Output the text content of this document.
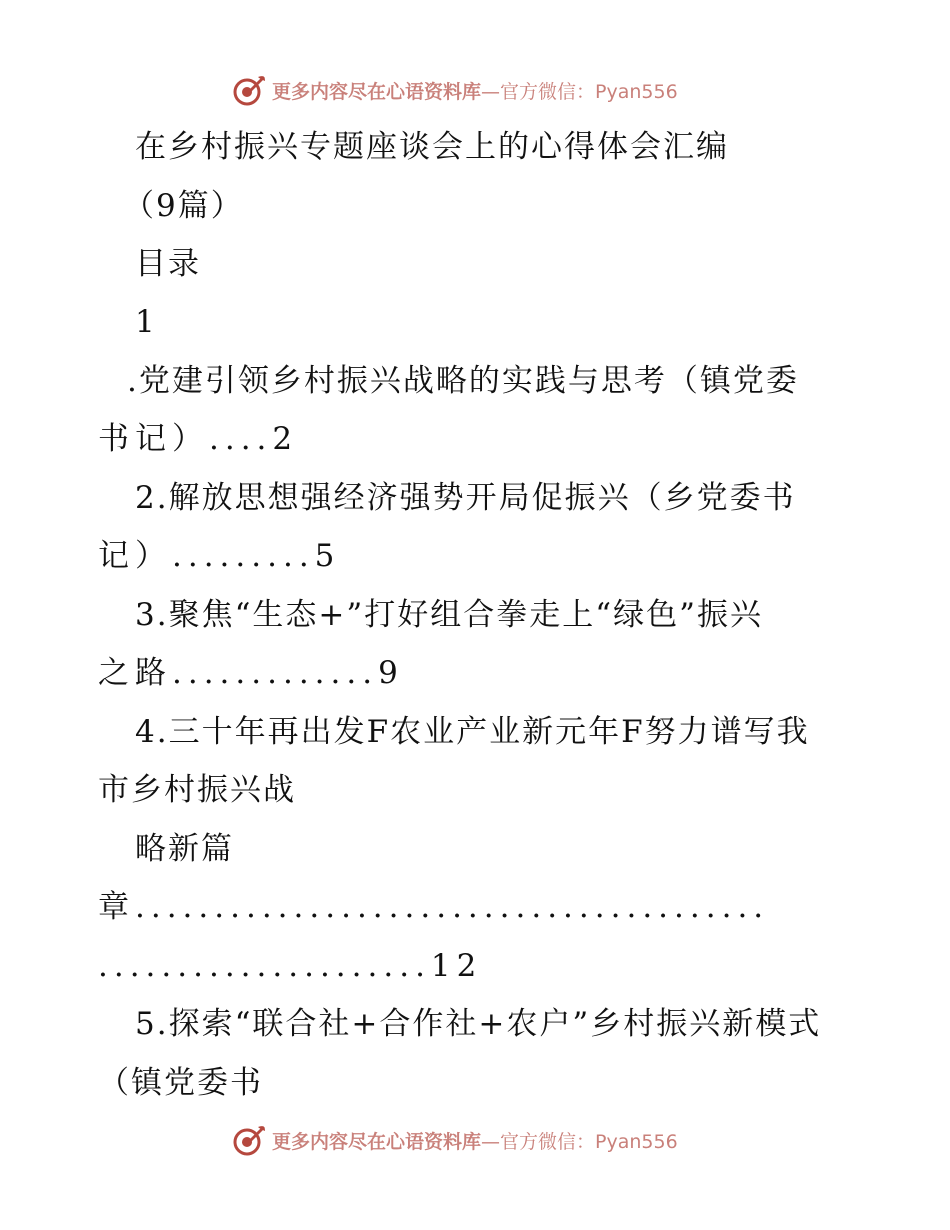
更多内容尽在心语资料库 —官方微信：Pyan556
在乡村振兴专题座谈会上的心得体会汇编
（9篇）
目录
1
.党建引领乡村振兴战略的实践与思考（镇党委
书记）....2
2.解放思想强经济强势开局促振兴（乡党委书
记）.........5
3.聚焦“生态+”打好组合拳走上“绿色”振兴
之路.............9
4.三十年再出发F农业产业新元年F努力谱写我
市乡村振兴战
略新篇
章........................................
.....................12
5.探索“联合社+合作社+农户”乡村振兴新模式
（镇党委书
更多内容尽在心语资料库 —官方微信：Pyan556
